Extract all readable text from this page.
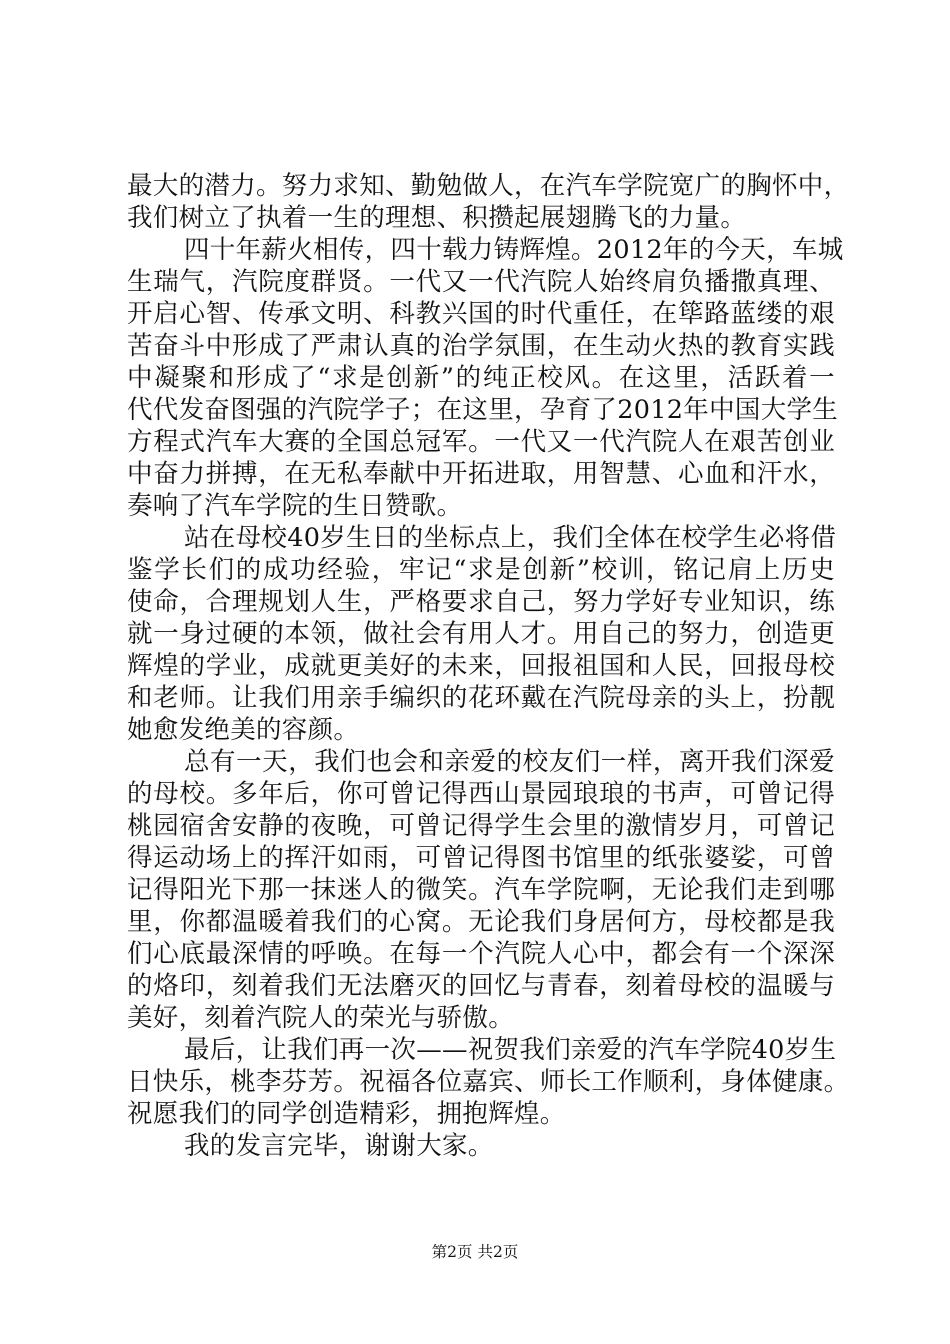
最大的潜力。努力求知、勤勉做人，在汽车学院宽广的胸怀中，
我们树立了执着一生的理想、积攒起展翅腾飞的力量。
四十年薪火相传，四十载力铸辉煌。2012年的今天，车城
生瑞气，汽院度群贤。一代又一代汽院人始终肩负播撒真理、
开启心智、传承文明、科教兴国的时代重任，在筚路蓝缕的艰
苦奋斗中形成了严肃认真的治学氛围，在生动火热的教育实践
中凝聚和形成了“求是创新”的纯正校风。在这里，活跃着一
代代发奋图强的汽院学子；在这里，孕育了2012年中国大学生
方程式汽车大赛的全国总冠军。一代又一代汽院人在艰苦创业
中奋力拼搏，在无私奉献中开拓进取，用智慧、心血和汗水，
奏响了汽车学院的生日赞歌。
站在母校40岁生日的坐标点上，我们全体在校学生必将借
鉴学长们的成功经验，牢记“求是创新”校训，铭记肩上历史
使命，合理规划人生，严格要求自己，努力学好专业知识，练
就一身过硬的本领，做社会有用人才。用自己的努力，创造更
辉煌的学业，成就更美好的未来，回报祖国和人民，回报母校
和老师。让我们用亲手编织的花环戴在汽院母亲的头上，扮靓
她愈发绝美的容颜。
总有一天，我们也会和亲爱的校友们一样，离开我们深爱
的母校。多年后，你可曾记得西山景园琅琅的书声，可曾记得
桃园宿舍安静的夜晚，可曾记得学生会里的激情岁月，可曾记
得运动场上的挥汗如雨，可曾记得图书馆里的纸张婆娑，可曾
记得阳光下那一抹迷人的微笑。汽车学院啊，无论我们走到哪
里，你都温暖着我们的心窝。无论我们身居何方，母校都是我
们心底最深情的呼唤。在每一个汽院人心中，都会有一个深深
的烙印，刻着我们无法磨灭的回忆与青春，刻着母校的温暖与
美好，刻着汽院人的荣光与骄傲。
最后，让我们再一次——祝贺我们亲爱的汽车学院40岁生
日快乐，桃李芬芳。祝福各位嘉宾、师长工作顺利，身体健康。
祝愿我们的同学创造精彩，拥抱辉煌。
我的发言完毕，谢谢大家。
第2页 共2页
